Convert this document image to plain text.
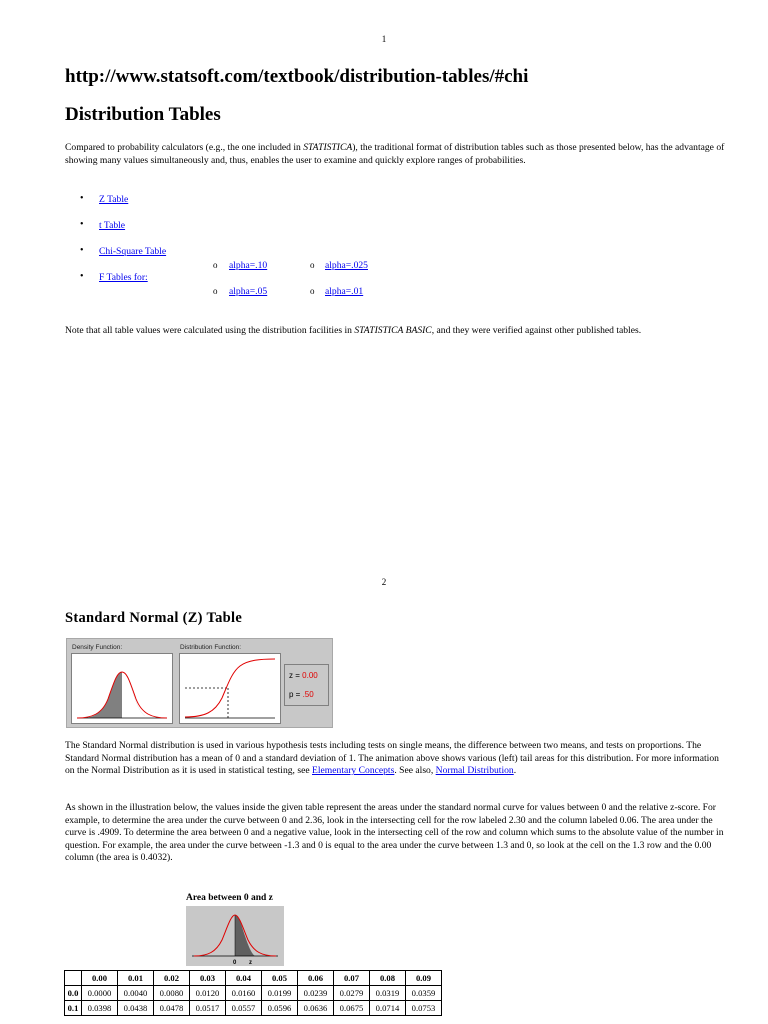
1
http://www.statsoft.com/textbook/distribution-tables/#chi
Distribution Tables
Compared to probability calculators (e.g., the one included in STATISTICA), the traditional format of distribution tables such as those presented below, has the advantage of showing many values simultaneously and, thus, enables the user to examine and quickly explore ranges of probabilities.
• Z Table
• t Table
• Chi-Square Table
• F Tables for:
o alpha=.10	o alpha=.025
o alpha=.05	o alpha=.01
Note that all table values were calculated using the distribution facilities in STATISTICA BASIC, and they were verified against other published tables.
2
Standard Normal (Z) Table
Density Function:	Distribution Function:
z = 0.00
p = .50
The Standard Normal distribution is used in various hypothesis tests including tests on single means, the difference between two means, and tests on proportions. The Standard Normal distribution has a mean of 0 and a standard deviation of 1. The animation above shows various (left) tail areas for this distribution. For more information on the Normal Distribution as it is used in statistical testing, see Elementary Concepts. See also, Normal Distribution.
As shown in the illustration below, the values inside the given table represent the areas under the standard normal curve for values between 0 and the relative z-score. For example, to determine the area under the curve between 0 and 2.36, look in the intersecting cell for the row labeled 2.30 and the column labeled 0.06. The area under the curve is .4909. To determine the area between 0 and a negative value, look in the intersecting cell of the row and column which sums to the absolute value of the number in question. For example, the area under the curve between -1.3 and 0 is equal to the area under the curve between 1.3 and 0, so look at the cell on the 1.3 row and the 0.00 column (the area is 0.4032).
Area between 0 and z
0 z
	0.00	0.01	0.02	0.03	0.04	0.05	0.06	0.07	0.08	0.09
0.0	0.0000	0.0040	0.0080	0.0120	0.0160	0.0199	0.0239	0.0279	0.0319	0.0359
0.1	0.0398	0.0438	0.0478	0.0517	0.0557	0.0596	0.0636	0.0675	0.0714	0.0753
